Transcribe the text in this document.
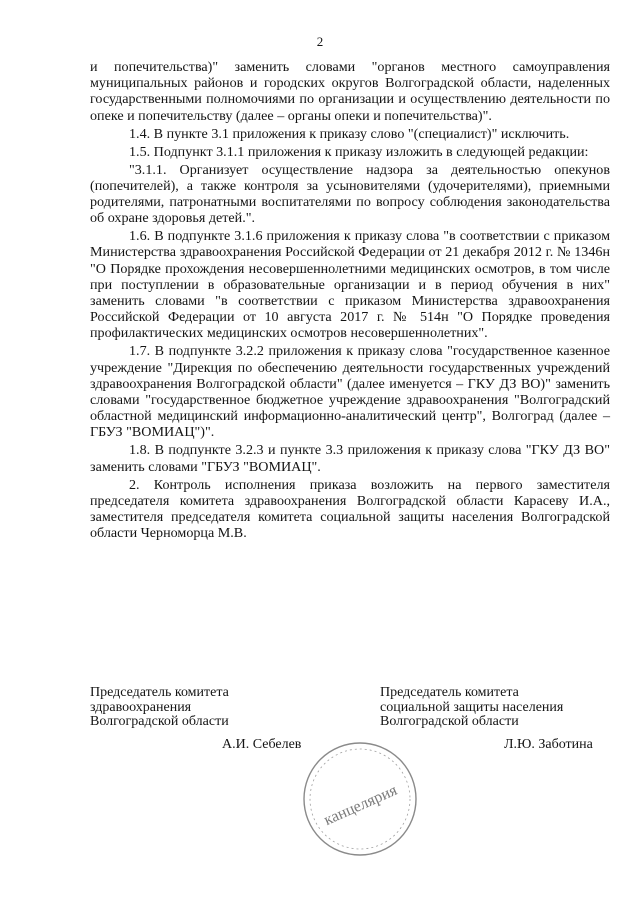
2

и попечительства)" заменить словами "органов местного самоуправления муниципальных районов и городских округов Волгоградской области, наделенных государственными полномочиями по организации и осуществлению деятельности по опеке и попечительству (далее – органы опеки и попечительства)".

1.4. В пункте 3.1 приложения к приказу слово "(специалист)" исключить.

1.5. Подпункт 3.1.1 приложения к приказу изложить в следующей редакции:

"3.1.1. Организует осуществление надзора за деятельностью опекунов (попечителей), а также контроля за усыновителями (удочерителями), приемными родителями, патронатными воспитателями по вопросу соблюдения законодательства об охране здоровья детей.".

1.6. В подпункте 3.1.6 приложения к приказу слова "в соответствии с приказом Министерства здравоохранения Российской Федерации от 21 декабря 2012 г. № 1346н "О Порядке прохождения несовершеннолетними медицинских осмотров, в том числе при поступлении в образовательные организации и в период обучения в них" заменить словами "в соответствии с приказом Министерства здравоохранения Российской Федерации от 10 августа 2017 г. № 514н "О Порядке проведения профилактических медицинских осмотров несовершеннолетних".

1.7. В подпункте 3.2.2 приложения к приказу слова "государственное казенное учреждение "Дирекция по обеспечению деятельности государственных учреждений здравоохранения Волгоградской области" (далее именуется – ГКУ ДЗ ВО)" заменить словами "государственное бюджетное учреждение здравоохранения "Волгоградский областной медицинский информационно-аналитический центр", Волгоград (далее – ГБУЗ "ВОМИАЦ")".

1.8. В подпункте 3.2.3 и пункте 3.3 приложения к приказу слова "ГКУ ДЗ ВО" заменить словами "ГБУЗ "ВОМИАЦ".

2. Контроль исполнения приказа возложить на первого заместителя председателя комитета здравоохранения Волгоградской области Карасеву И.А., заместителя председателя комитета социальной защиты населения Волгоградской области Черноморца М.В.

Председатель комитета
здравоохранения
Волгоградской области
Председатель комитета
социальной защиты населения
Волгоградской области
А.И. Себелев	Л.Ю. Заботина
канцелярия
